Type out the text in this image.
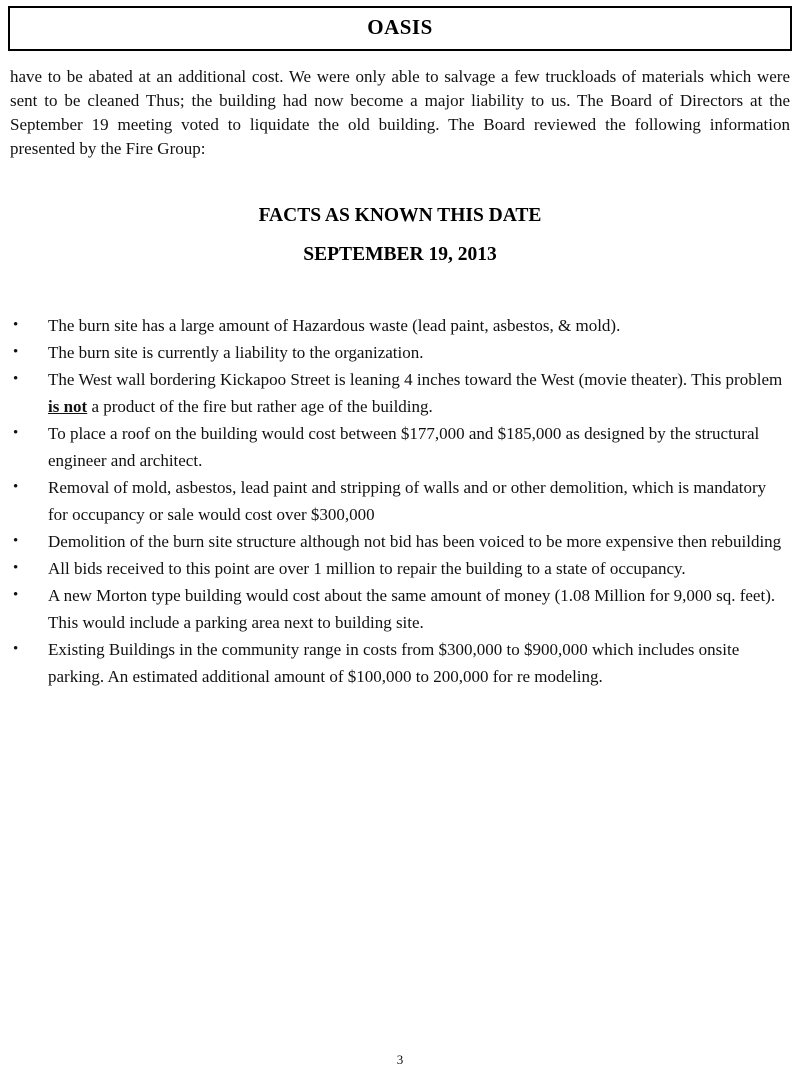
OASIS

have to be abated at an additional cost. We were only able to salvage a few truckloads of materials which were sent to be cleaned Thus; the building had now become a major liability to us. The Board of Directors at the September 19 meeting voted to liquidate the old building. The Board reviewed the following information presented by the Fire Group:

FACTS AS KNOWN THIS DATE
SEPTEMBER 19, 2013
•	The burn site has a large amount of Hazardous waste (lead paint, asbestos, & mold).
•	The burn site is currently a liability to the organization.
•	The West wall bordering Kickapoo Street is leaning 4 inches toward the West (movie theater). This problem is not a product of the fire but rather age of the building.
•	To place a roof on the building would cost between $177,000 and $185,000 as designed by the structural engineer and architect.
•	Removal of mold, asbestos, lead paint and stripping of walls and or other demolition, which is mandatory for occupancy or sale would cost over $300,000
•	Demolition of the burn site structure although not bid has been voiced to be more expensive then rebuilding
•	All bids received to this point are over 1 million to repair the building to a state of occupancy.
•	A new Morton type building would cost about the same amount of money (1.08 Million for 9,000 sq. feet). This would include a parking area next to building site.
•	Existing Buildings in the community range in costs from $300,000 to $900,000 which includes onsite parking. An estimated additional amount of $100,000 to 200,000 for re modeling.
3
